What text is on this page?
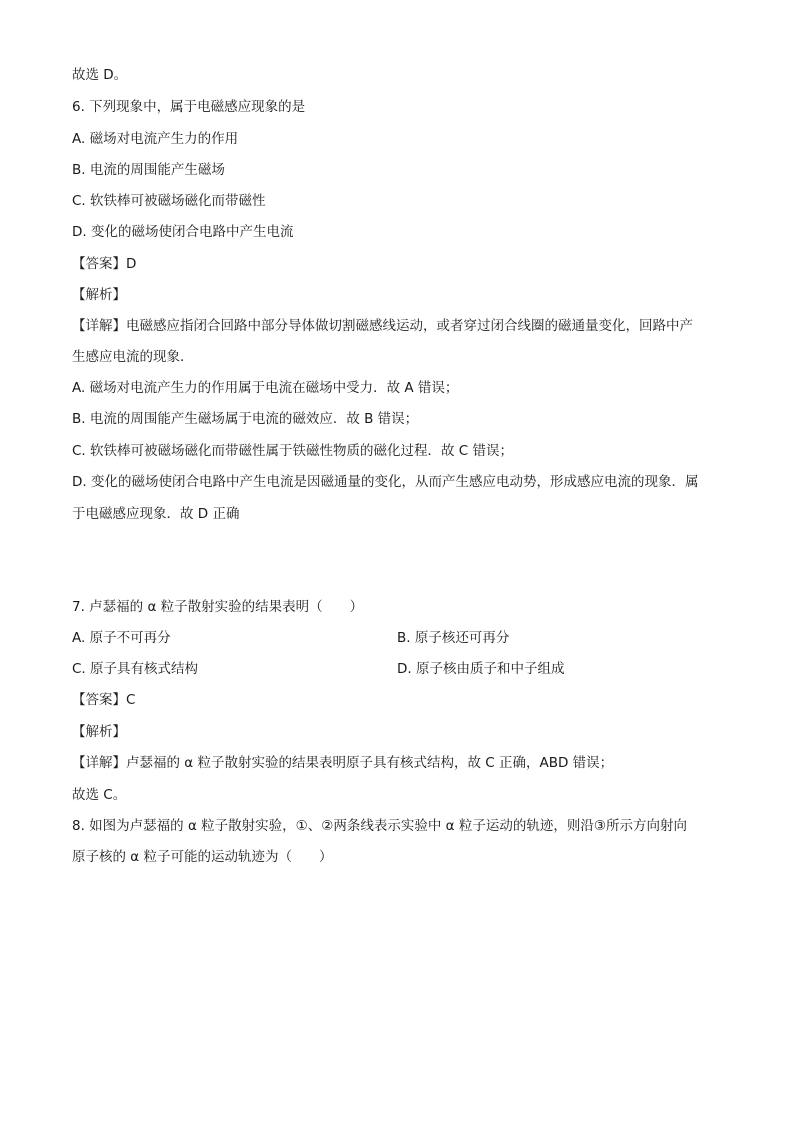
故选 D。
6. 下列现象中，属于电磁感应现象的是
A. 磁场对电流产生力的作用
B. 电流的周围能产生磁场
C. 软铁棒可被磁场磁化而带磁性
D. 变化的磁场使闭合电路中产生电流
【答案】D
【解析】
【详解】电磁感应指闭合回路中部分导体做切割磁感线运动，或者穿过闭合线圈的磁通量变化，回路中产
生感应电流的现象．
A. 磁场对电流产生力的作用属于电流在磁场中受力．故 A 错误；
B. 电流的周围能产生磁场属于电流的磁效应．故 B 错误；
C. 软铁棒可被磁场磁化而带磁性属于铁磁性物质的磁化过程．故 C 错误；
D. 变化的磁场使闭合电路中产生电流是因磁通量的变化，从而产生感应电动势，形成感应电流的现象．属
于电磁感应现象．故 D 正确
7. 卢瑟福的 α 粒子散射实验的结果表明（　　）
A. 原子不可再分	B. 原子核还可再分
C. 原子具有核式结构	D. 原子核由质子和中子组成
【答案】C
【解析】
【详解】卢瑟福的 α 粒子散射实验的结果表明原子具有核式结构，故 C 正确，ABD 错误；
故选 C。
8. 如图为卢瑟福的 α 粒子散射实验，①、②两条线表示实验中 α 粒子运动的轨迹，则沿③所示方向射向
原子核的 α 粒子可能的运动轨迹为（　　）
